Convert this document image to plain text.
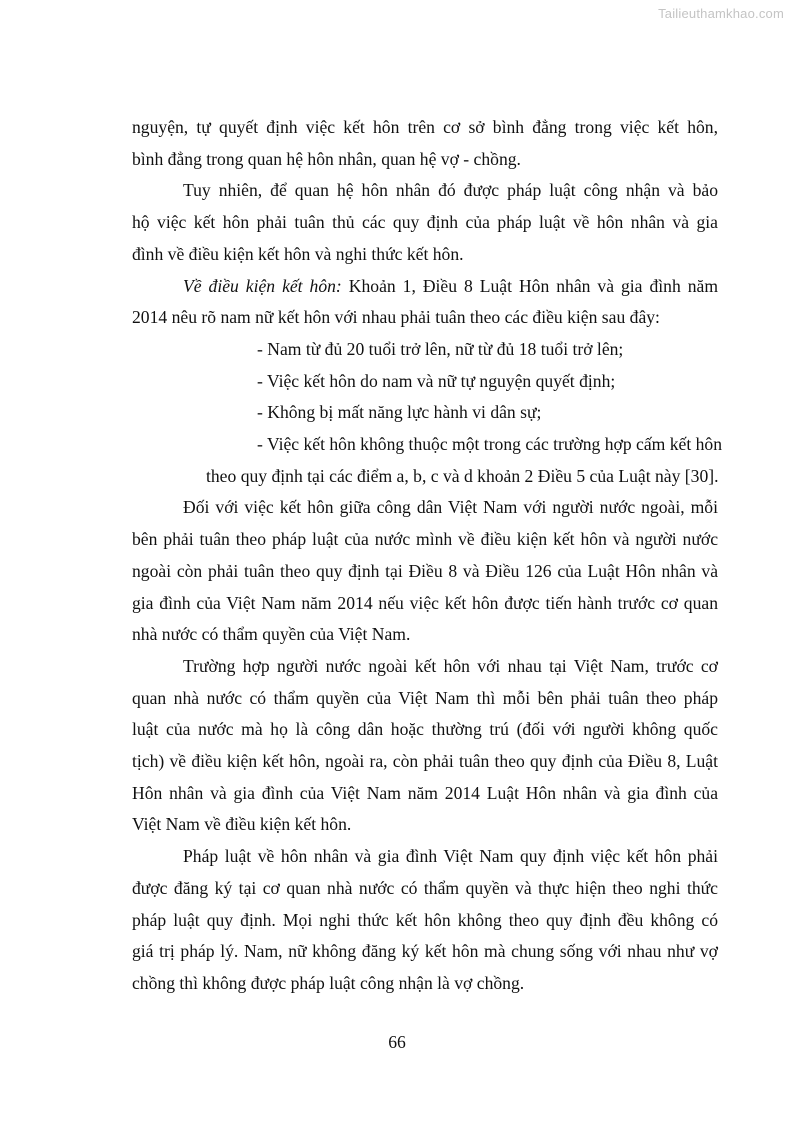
Tailieuthamkhao.com
nguyện, tự quyết định việc kết hôn trên cơ sở bình đẳng trong việc kết hôn,
bình đẳng trong quan hệ hôn nhân, quan hệ vợ - chồng.
Tuy nhiên, để quan hệ hôn nhân đó được pháp luật công nhận và bảo
hộ việc kết hôn phải tuân thủ các quy định của pháp luật về hôn nhân và gia
đình về điều kiện kết hôn và nghi thức kết hôn.
Về điều kiện kết hôn: Khoản 1, Điều 8 Luật Hôn nhân và gia đình năm
2014 nêu rõ nam nữ kết hôn với nhau phải tuân theo các điều kiện sau đây:
- Nam từ đủ 20 tuổi trở lên, nữ từ đủ 18 tuổi trở lên;
- Việc kết hôn do nam và nữ tự nguyện quyết định;
- Không bị mất năng lực hành vi dân sự;
- Việc kết hôn không thuộc một trong các trường hợp cấm kết hôn
theo quy định tại các điểm a, b, c và d khoản 2 Điều 5 của Luật này [30].
Đối với việc kết hôn giữa công dân Việt Nam với người nước ngoài, mỗi
bên phải tuân theo pháp luật của nước mình về điều kiện kết hôn và người nước
ngoài còn phải tuân theo quy định tại Điều 8 và Điều 126 của Luật Hôn nhân và
gia đình của Việt Nam năm 2014 nếu việc kết hôn được tiến hành trước cơ quan
nhà nước có thẩm quyền của Việt Nam.
Trường hợp người nước ngoài kết hôn với nhau tại Việt Nam, trước cơ
quan nhà nước có thẩm quyền của Việt Nam thì mỗi bên phải tuân theo pháp
luật của nước mà họ là công dân hoặc thường trú (đối với người không quốc
tịch) về điều kiện kết hôn, ngoài ra, còn phải tuân theo quy định của Điều 8, Luật
Hôn nhân và gia đình của Việt Nam năm 2014 Luật Hôn nhân và gia đình của
Việt Nam về điều kiện kết hôn.
Pháp luật về hôn nhân và gia đình Việt Nam quy định việc kết hôn phải
được đăng ký tại cơ quan nhà nước có thẩm quyền và thực hiện theo nghi thức
pháp luật quy định. Mọi nghi thức kết hôn không theo quy định đều không có
giá trị pháp lý. Nam, nữ không đăng ký kết hôn mà chung sống với nhau như vợ
chồng thì không được pháp luật công nhận là vợ chồng.
66
